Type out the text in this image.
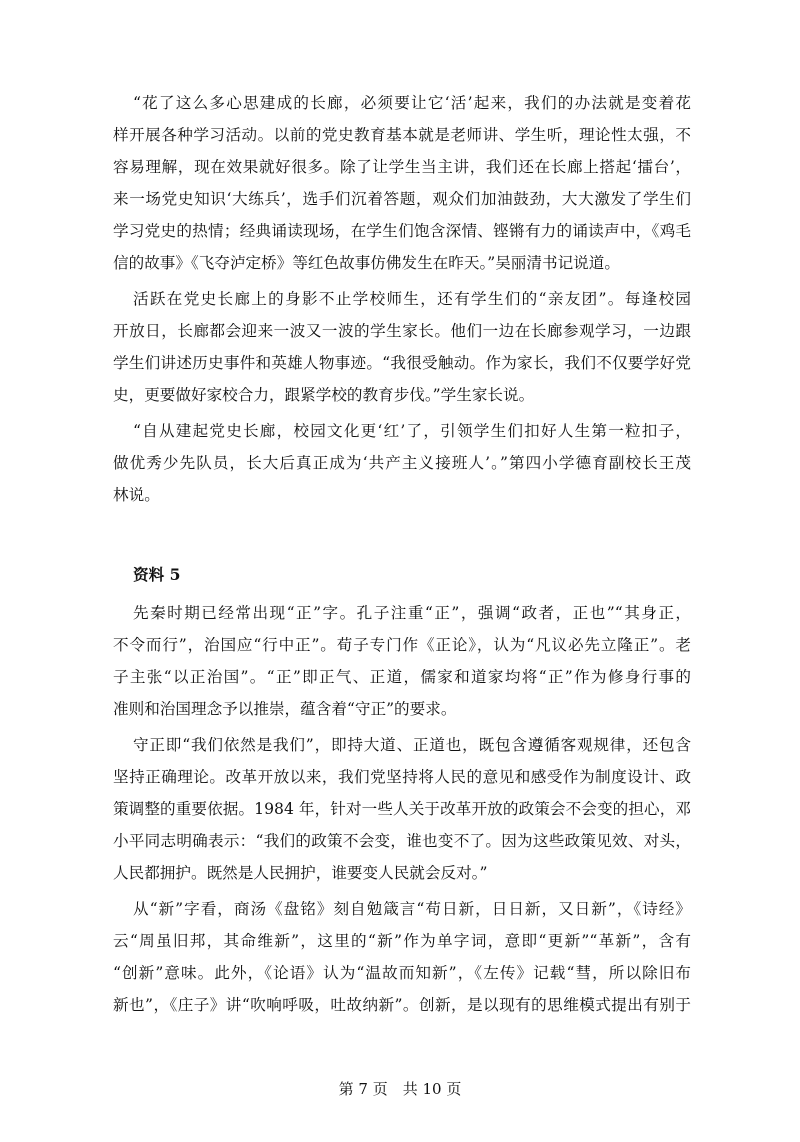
“花了这么多心思建成的长廊，必须要让它‘活’起来，我们的办法就是变着花
样开展各种学习活动。以前的党史教育基本就是老师讲、学生听，理论性太强，不
容易理解，现在效果就好很多。除了让学生当主讲，我们还在长廊上搭起‘擂台’，
来一场党史知识‘大练兵’，选手们沉着答题，观众们加油鼓劲，大大激发了学生们
学习党史的热情；经典诵读现场，在学生们饱含深情、铿锵有力的诵读声中，《鸡毛
信的故事》《飞夺泸定桥》等红色故事仿佛发生在昨天。”吴丽清书记说道。
活跃在党史长廊上的身影不止学校师生，还有学生们的“亲友团”。每逢校园
开放日，长廊都会迎来一波又一波的学生家长。他们一边在长廊参观学习，一边跟
学生们讲述历史事件和英雄人物事迹。“我很受触动。作为家长，我们不仅要学好党
史，更要做好家校合力，跟紧学校的教育步伐。”学生家长说。
“自从建起党史长廊，校园文化更‘红’了，引领学生们扣好人生第一粒扣子，
做优秀少先队员，长大后真正成为‘共产主义接班人’。”第四小学德育副校长王茂
林说。
资料 5
先秦时期已经常出现“正”字。孔子注重“正”，强调“政者，正也”“其身正，
不令而行”，治国应“行中正”。荀子专门作《正论》，认为“凡议必先立隆正”。老
子主张“以正治国”。“正”即正气、正道，儒家和道家均将“正”作为修身行事的
准则和治国理念予以推崇，蕴含着“守正”的要求。
守正即“我们依然是我们”，即持大道、正道也，既包含遵循客观规律，还包含
坚持正确理论。改革开放以来，我们党坚持将人民的意见和感受作为制度设计、政
策调整的重要依据。1984 年，针对一些人关于改革开放的政策会不会变的担心，邓
小平同志明确表示：“我们的政策不会变，谁也变不了。因为这些政策见效、对头，
人民都拥护。既然是人民拥护，谁要变人民就会反对。”
从“新”字看，商汤《盘铭》刻自勉箴言“苟日新，日日新，又日新”，《诗经》
云“周虽旧邦，其命维新”，这里的“新”作为单字词，意即“更新”“革新”，含有
“创新”意味。此外，《论语》认为“温故而知新”，《左传》记载“彗，所以除旧布
新也”，《庄子》讲“吹响呼吸，吐故纳新”。创新，是以现有的思维模式提出有别于
第 7 页　共 10 页
